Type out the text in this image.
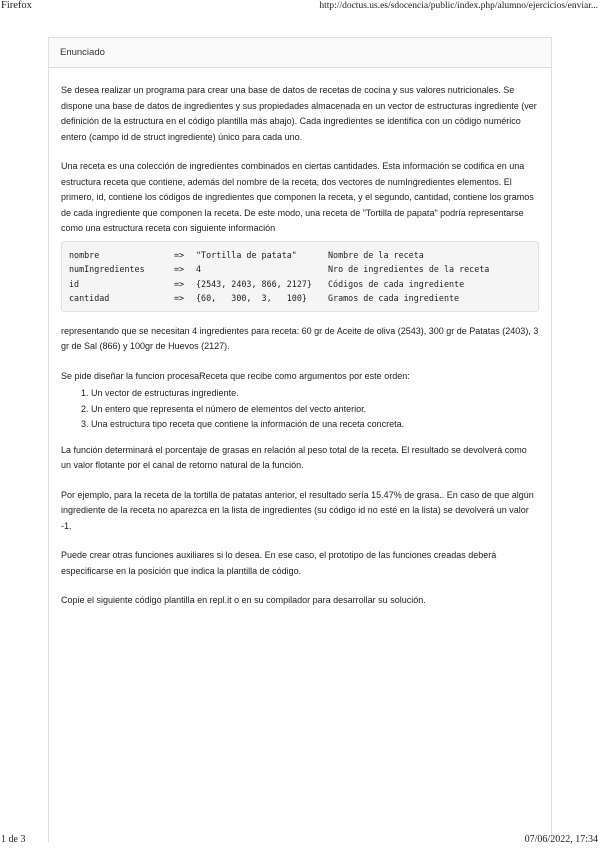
Firefox	http://doctus.us.es/sdocencia/public/index.php/alumno/ejercicios/enviar...
Enunciado

Se desea realizar un programa para crear una base de datos de recetas de cocina y sus valores nutricionales. Se dispone una base de datos de ingredientes y sus propiedades almacenada en un vector de estructuras ingrediente (ver definición de la estructura en el código plantilla más abajo). Cada ingredientes se identifica con un código numérico entero (campo id de struct ingrediente) único para cada uno.

Una receta es una colección de ingredientes combinados en ciertas cantidades. Esta información se codifica en una estructura receta que contiene, además del nombre de la receta, dos vectores de numIngredientes elementos. El primero, id, contiene los códigos de ingredientes que componen la receta, y el segundo, cantidad, contiene los gramos de cada ingrediente que componen la receta. De este modo, una receta de "Tortilla de papata" podría representarse como una estructura receta con siguiente información

nombre	=>	"Tortilla de patata"	Nombre de la receta
numIngredientes	=>	4	Nro de ingredientes de la receta
id	=>	{2543, 2403, 866, 2127}	Códigos de cada ingrediente
cantidad	=>	{60,   300,  3,   100}	Gramos de cada ingrediente

representando que se necesitan 4 ingredientes para receta: 60 gr de Aceite de oliva (2543), 300 gr de Patatas (2403), 3 gr de Sal (866) y 100gr de Huevos (2127).

Se pide diseñar la funcion procesaReceta que recibe como argumentos por este orden:

1. Un vector de estructuras ingrediente.
2. Un entero que representa el número de elementos del vecto anterior.
3. Una estructura tipo receta que contiene la información de una receta concreta.

La función determinará el porcentaje de grasas en relación al peso total de la receta. El resultado se devolverá como un valor flotante por el canal de retorno natural de la función.

Por ejemplo, para la receta de la tortilla de patatas anterior, el resultado sería 15.47% de grasa.. En caso de que algún ingrediente de la receta no aparezca en la lista de ingredientes (su código id no esté en la lista) se devolverá un valor -1.

Puede crear otras funciones auxiliares si lo desea. En ese caso, el prototipo de las funciones creadas deberá especificarse en la posición que indica la plantilla de código.

Copie el siguiente código plantilla en repl.it o en su compilador para desarrollar su solución.

1 de 3	07/06/2022, 17:34
